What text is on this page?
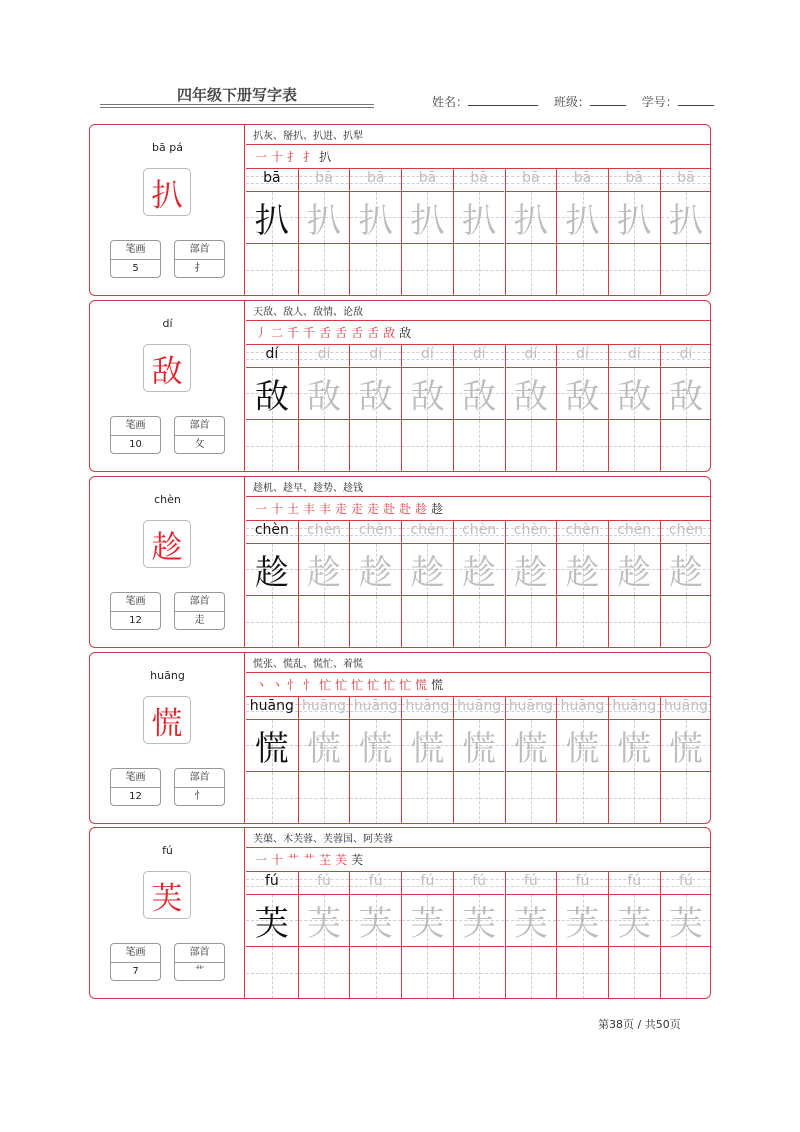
四年级下册写字表	姓名：	班级：	学号：
bā pá
扒
笔画
5
部首
扌
扒灰、掰扒、扒进、扒犁
一 十 扌 扌 扒
bā
扒
bā
扒
bā
扒
bā
扒
bā
扒
bā
扒
bā
扒
bā
扒
bā
扒
dí
敌
笔画
10
部首
攵
天敌、敌人、敌情、论敌
丿 二 千 千 舌 舌 舌 舌 敌 敌
dí
敌
dí
敌
dí
敌
dí
敌
dí
敌
dí
敌
dí
敌
dí
敌
dí
敌
chèn
趁
笔画
12
部首
走
趁机、趁早、趁势、趁钱
一 十 土 丰 丰 走 走 走 赴 赴 趁 趁
chèn
趁
chèn
趁
chèn
趁
chèn
趁
chèn
趁
chèn
趁
chèn
趁
chèn
趁
chèn
趁
huāng
慌
笔画
12
部首
忄
慌张、慌乱、慌忙、着慌
丶 丶 忄 忄 忙 忙 忙 忙 忙 忙 慌 慌
huāng
慌
huāng
慌
huāng
慌
huāng
慌
huāng
慌
huāng
慌
huāng
慌
huāng
慌
huāng
慌
fú
芙
笔画
7
部首
艹
芙蕖、木芙蓉、芙蓉国、阿芙蓉
一 十 艹 艹 芏 芙 芙
fú
芙
fú
芙
fú
芙
fú
芙
fú
芙
fú
芙
fú
芙
fú
芙
fú
芙
第38页 / 共50页
